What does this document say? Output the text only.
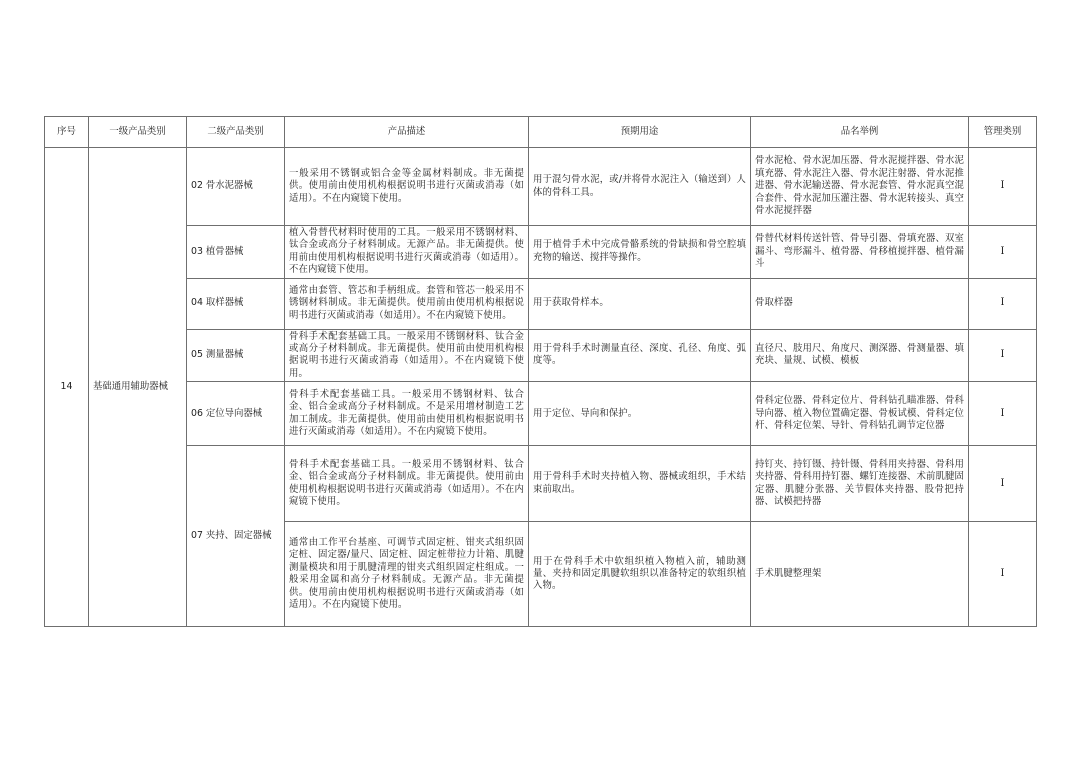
序号	一级产品类别	二级产品类别	产品描述	预期用途	品名举例	管理类别
14	基础通用辅助器械	02 骨水泥器械	一般采用不锈钢或铝合金等金属材料制成。非无菌提供。使用前由使用机构根据说明书进行灭菌或消毒（如适用）。不在内窥镜下使用。	用于混匀骨水泥，或/并将骨水泥注入（输送到）人体的骨科工具。	骨水泥枪、骨水泥加压器、骨水泥搅拌器、骨水泥填充器、骨水泥注入器、骨水泥注射器、骨水泥推进器、骨水泥输送器、骨水泥套管、骨水泥真空混合套件、骨水泥加压灌注器、骨水泥转接头、真空骨水泥搅拌器	Ⅰ
		03 植骨器械	植入骨替代材料时使用的工具。一般采用不锈钢材料、钛合金或高分子材料制成。无源产品。非无菌提供。使用前由使用机构根据说明书进行灭菌或消毒（如适用）。不在内窥镜下使用。	用于植骨手术中完成骨骼系统的骨缺损和骨空腔填充物的输送、搅拌等操作。	骨替代材料传送针管、骨导引器、骨填充器、双室漏斗、弯形漏斗、植骨器、骨移植搅拌器、植骨漏斗	Ⅰ
		04 取样器械	通常由套管、管芯和手柄组成。套管和管芯一般采用不锈钢材料制成。非无菌提供。使用前由使用机构根据说明书进行灭菌或消毒（如适用）。不在内窥镜下使用。	用于获取骨样本。	骨取样器	Ⅰ
		05 测量器械	骨科手术配套基础工具。一般采用不锈钢材料、钛合金或高分子材料制成。非无菌提供。使用前由使用机构根据说明书进行灭菌或消毒（如适用）。不在内窥镜下使用。	用于骨科手术时测量直径、深度、孔径、角度、弧度等。	直径尺、肢用尺、角度尺、测深器、骨测量器、填充块、量规、试模、模板	Ⅰ
		06 定位导向器械	骨科手术配套基础工具。一般采用不锈钢材料、钛合金、铝合金或高分子材料制成。不是采用增材制造工艺加工制成。非无菌提供。使用前由使用机构根据说明书进行灭菌或消毒（如适用）。不在内窥镜下使用。	用于定位、导向和保护。	骨科定位器、骨科定位片、骨科钻孔瞄准器、骨科导向器、植入物位置确定器、骨板试模、骨科定位杆、骨科定位架、导针、骨科钻孔调节定位器	Ⅰ
		07 夹持、固定器械	骨科手术配套基础工具。一般采用不锈钢材料、钛合金、铝合金或高分子材料制成。非无菌提供。使用前由使用机构根据说明书进行灭菌或消毒（如适用）。不在内窥镜下使用。	用于骨科手术时夹持植入物、器械或组织，手术结束前取出。	持钉夹、持钉镊、持针镊、骨科用夹持器、骨科用夹持器、骨科用持钉器、螺钉连接器、术前肌腱固定器、肌腱分张器、关节假体夹持器、股骨把持器、试模把持器	Ⅰ
			通常由工作平台基座、可调节式固定桩、钳夹式组织固定桩、固定器/量尺、固定桩、固定桩带拉力计箱、肌腱测量模块和用于肌腱清理的钳夹式组织固定柱组成。一般采用金属和高分子材料制成。无源产品。非无菌提供。使用前由使用机构根据说明书进行灭菌或消毒（如适用）。不在内窥镜下使用。	用于在骨科手术中软组织植入物植入前，辅助测量、夹持和固定肌腱软组织以准备特定的软组织植入物。	手术肌腱整理架	Ⅰ
